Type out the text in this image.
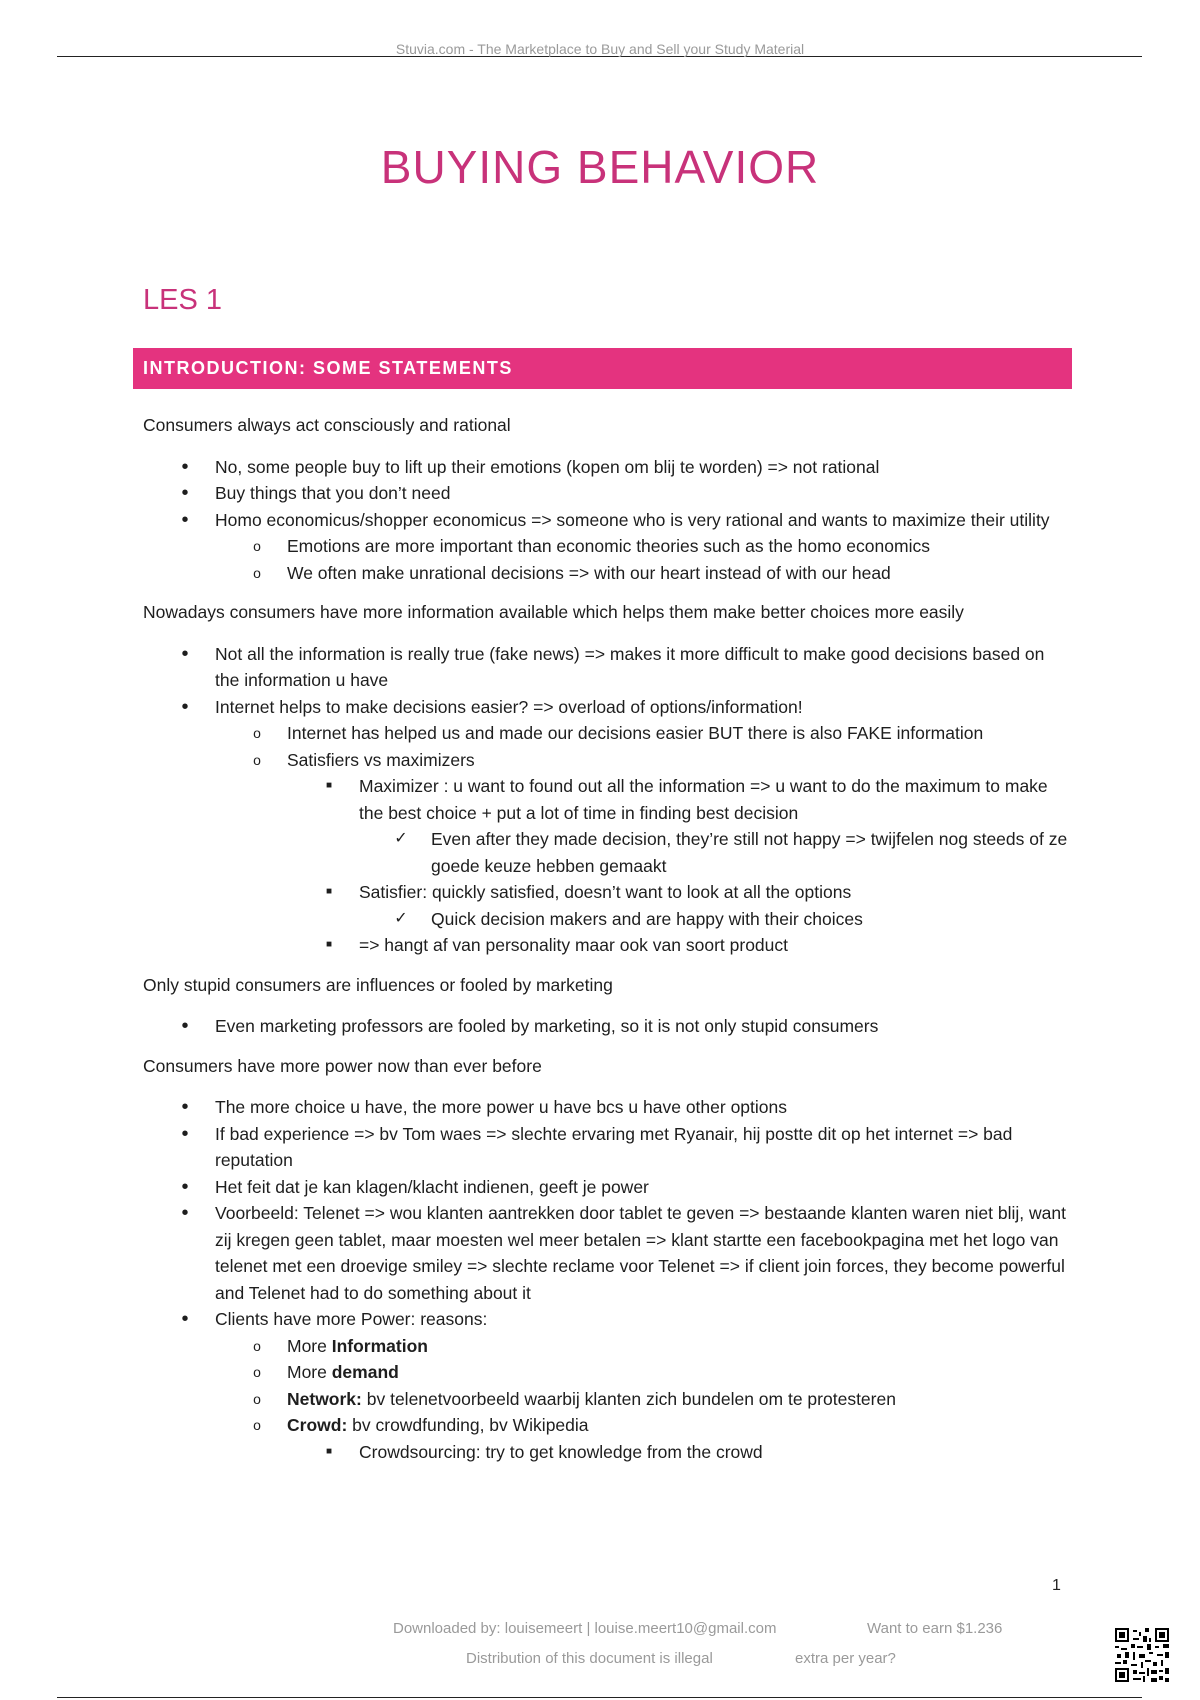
Stuvia.com - The Marketplace to Buy and Sell your Study Material
BUYING BEHAVIOR
LES 1
INTRODUCTION: SOME STATEMENTS

Consumers always act consciously and rational

• No, some people buy to lift up their emotions (kopen om blij te worden) => not rational
• Buy things that you don’t need
• Homo economicus/shopper economicus => someone who is very rational and wants to maximize their utility
o Emotions are more important than economic theories such as the homo economics
o We often make unrational decisions => with our heart instead of with our head

Nowadays consumers have more information available which helps them make better choices more easily

• Not all the information is really true (fake news) => makes it more difficult to make good decisions based on the information u have
• Internet helps to make decisions easier? => overload of options/information!
o Internet has helped us and made our decisions easier BUT there is also FAKE information
o Satisfiers vs maximizers
■ Maximizer : u want to found out all the information => u want to do the maximum to make the best choice + put a lot of time in finding best decision
✓ Even after they made decision, they’re still not happy => twijfelen nog steeds of ze goede keuze hebben gemaakt
■ Satisfier: quickly satisfied, doesn’t want to look at all the options
✓ Quick decision makers and are happy with their choices
■ => hangt af van personality maar ook van soort product

Only stupid consumers are influences or fooled by marketing

• Even marketing professors are fooled by marketing, so it is not only stupid consumers

Consumers have more power now than ever before

• The more choice u have, the more power u have bcs u have other options
• If bad experience => bv Tom waes => slechte ervaring met Ryanair, hij postte dit op het internet => bad reputation
• Het feit dat je kan klagen/klacht indienen, geeft je power
• Voorbeeld: Telenet => wou klanten aantrekken door tablet te geven => bestaande klanten waren niet blij, want zij kregen geen tablet, maar moesten wel meer betalen => klant startte een facebookpagina met het logo van telenet met een droevige smiley => slechte reclame voor Telenet => if client join forces, they become powerful and Telenet had to do something about it
• Clients have more Power: reasons:
o More Information
o More demand
o Network: bv telenetvoorbeeld waarbij klanten zich bundelen om te protesteren
o Crowd: bv crowdfunding, bv Wikipedia
■ Crowdsourcing: try to get knowledge from the crowd
1
Downloaded by: louisemeert | louise.meert10@gmail.com	Want to earn $1.236
Distribution of this document is illegal	extra per year?
